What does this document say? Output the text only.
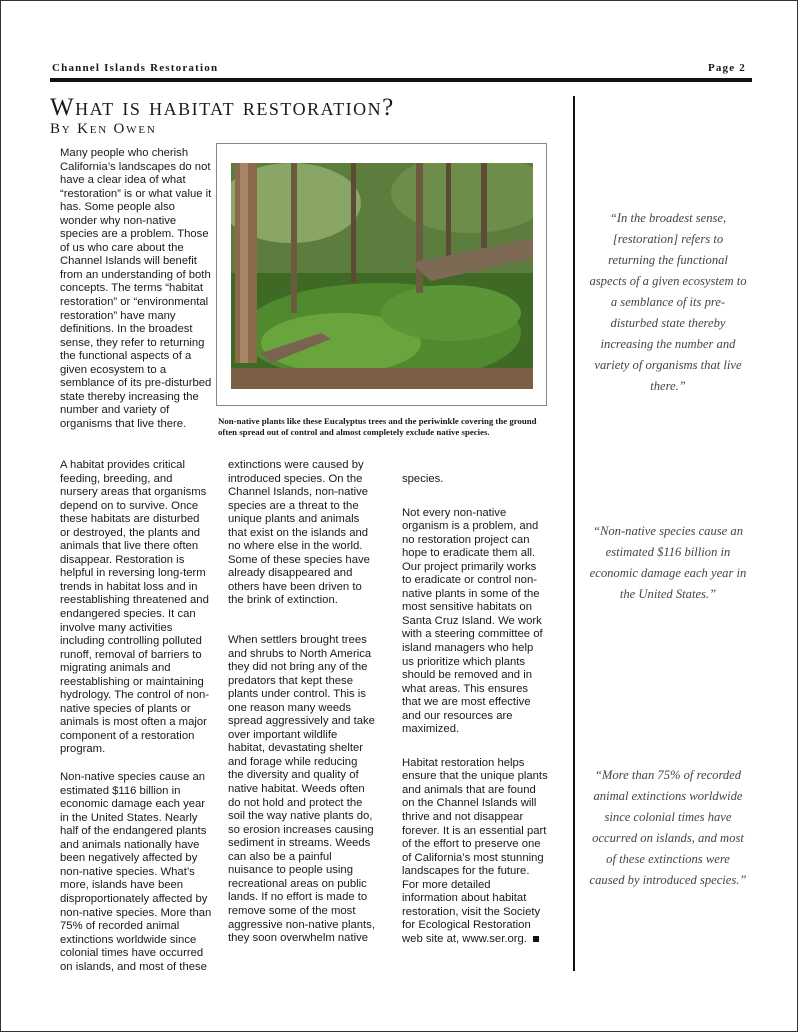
Channel Islands Restoration	Page 2
What is habitat restoration?
By Ken Owen

Many people who cherish California’s landscapes do not have a clear idea of what “restoration” is or what value it has. Some people also wonder why non-native species are a problem. Those of us who care about the Channel Islands will benefit from an understanding of both concepts. The terms “habitat restoration” or “environmental restoration” have many definitions. In the broadest sense, they refer to returning the functional aspects of a given ecosystem to a semblance of its pre-disturbed state thereby increasing the number and variety of organisms that live there.	Non-native plants like these Eucalyptus trees and the periwinkle covering the ground often spread out of control and almost completely exclude native species.

A habitat provides critical feeding, breeding, and nursery areas that organisms depend on to survive. Once these habitats are disturbed or destroyed, the plants and animals that live there often disappear. Restoration is helpful in reversing long-term trends in habitat loss and in reestablishing threatened and endangered species. It can involve many activities including controlling polluted runoff, removal of barriers to migrating animals and reestablishing or maintaining hydrology. The control of non-native species of plants or animals is most often a major component of a restoration program.

Non-native species cause an estimated $116 billion in economic damage each year in the United States. Nearly half of the endangered plants and animals nationally have been negatively affected by non-native species. What’s more, islands have been disproportionately affected by non-native species. More than 75% of recorded animal extinctions worldwide since colonial times have occurred on islands, and most of these

extinctions were caused by introduced species. On the Channel Islands, non-native species are a threat to the unique plants and animals that exist on the islands and no where else in the world. Some of these species have already disappeared and others have been driven to the brink of extinction.

When settlers brought trees and shrubs to North America they did not bring any of the predators that kept these plants under control. This is one reason many weeds spread aggressively and take over important wildlife habitat, devastating shelter and forage while reducing the diversity and quality of native habitat. Weeds often do not hold and protect the soil the way native plants do, so erosion increases causing sediment in streams. Weeds can also be a painful nuisance to people using recreational areas on public lands. If no effort is made to remove some of the most aggressive non-native plants, they soon overwhelm native

species.

Not every non-native organism is a problem, and no restoration project can hope to eradicate them all. Our project primarily works to eradicate or control non-native plants in some of the most sensitive habitats on Santa Cruz Island. We work with a steering committee of island managers who help us prioritize which plants should be removed and in what areas. This ensures that we are most effective and our resources are maximized.

Habitat restoration helps ensure that the unique plants and animals that are found on the Channel Islands will thrive and not disappear forever. It is an essential part of the effort to preserve one of California’s most stunning landscapes for the future. For more detailed information about habitat restoration, visit the Society for Ecological Restoration web site at, www.ser.org.

“In the broadest sense, [restoration] refers to returning the functional aspects of a given ecosystem to a semblance of its pre-disturbed state thereby increasing the number and variety of organisms that live there.”
“Non-native species cause an estimated $116 billion in economic damage each year in the United States.”
“More than 75% of recorded animal extinctions worldwide since colonial times have occurred on islands, and most of these extinctions were caused by introduced species.”
